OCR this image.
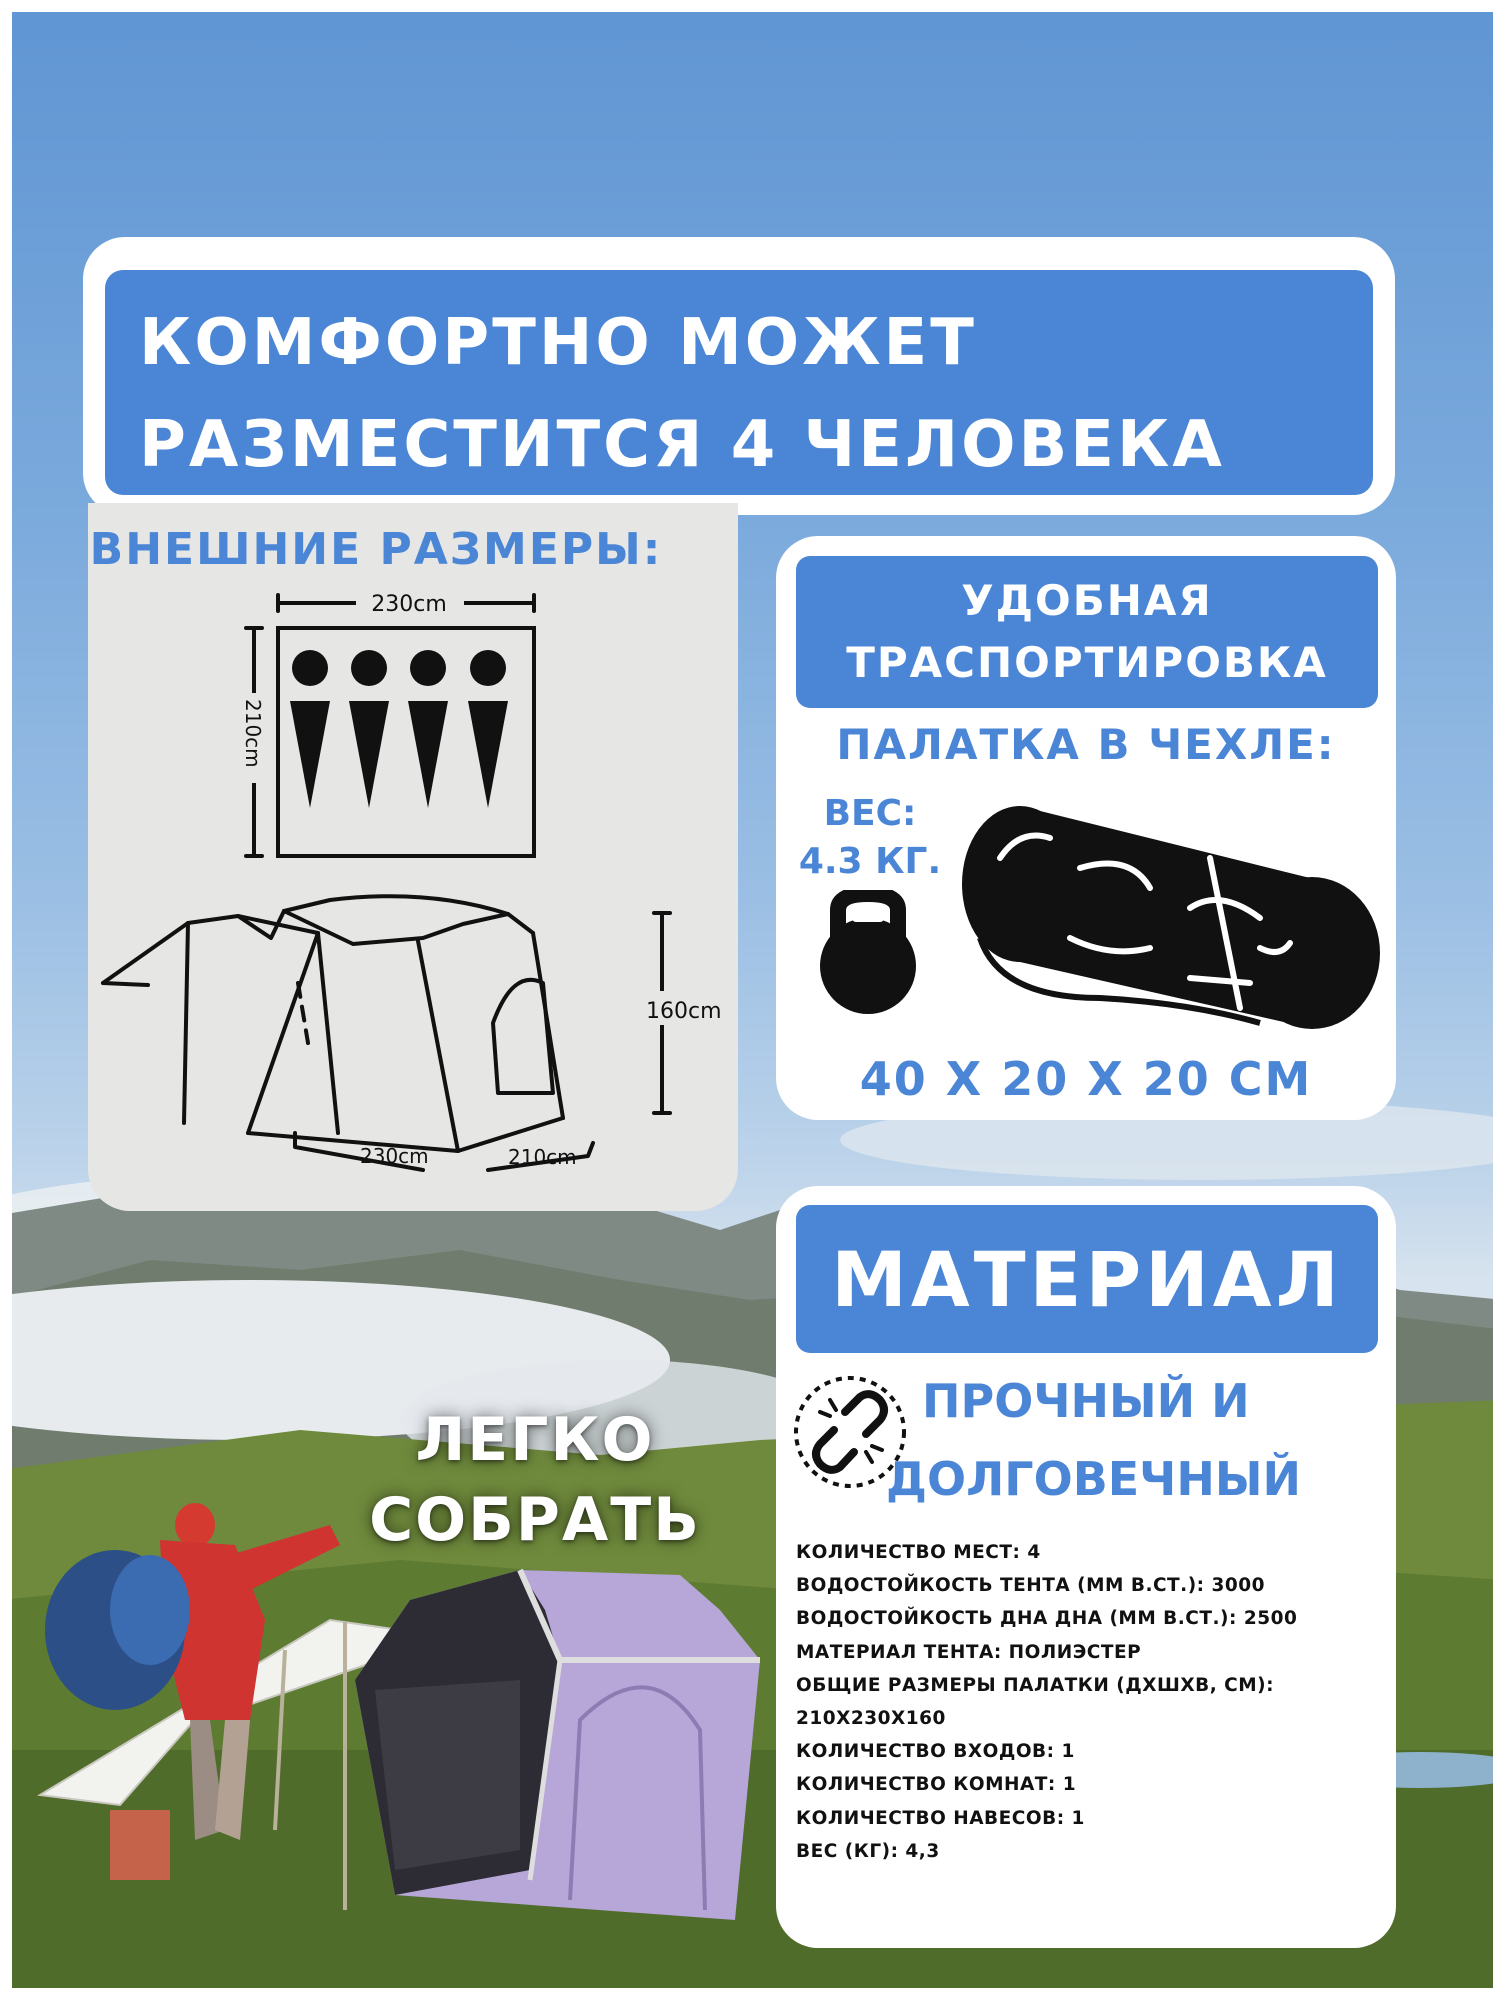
КОМФОРТНО МОЖЕТ
РАЗМЕСТИТСЯ 4 ЧЕЛОВЕКА
ВНЕШНИЕ РАЗМЕРЫ:
230cm
210cm
160cm
230cm	210cm
УДОБНАЯ
ТРАСПОРТИРОВКА
ПАЛАТКА В ЧЕХЛЕ:
ВЕС:
4.3 КГ.
40 X 20 X 20 СМ
МАТЕРИАЛ
ПРОЧНЫЙ И
ДОЛГОВЕЧНЫЙ
КОЛИЧЕСТВО МЕСТ: 4
ВОДОСТОЙКОСТЬ ТЕНТА (ММ В.СТ.): 3000
ВОДОСТОЙКОСТЬ ДНА ДНА (ММ В.СТ.): 2500
МАТЕРИАЛ ТЕНТА: ПОЛИЭСТЕР
ОБЩИЕ РАЗМЕРЫ ПАЛАТКИ (ДХШХВ, СМ):
210X230X160
КОЛИЧЕСТВО ВХОДОВ: 1
КОЛИЧЕСТВО КОМНАТ: 1
КОЛИЧЕСТВО НАВЕСОВ: 1
ВЕС (КГ): 4,3
ЛЕГКО
СОБРАТЬ
